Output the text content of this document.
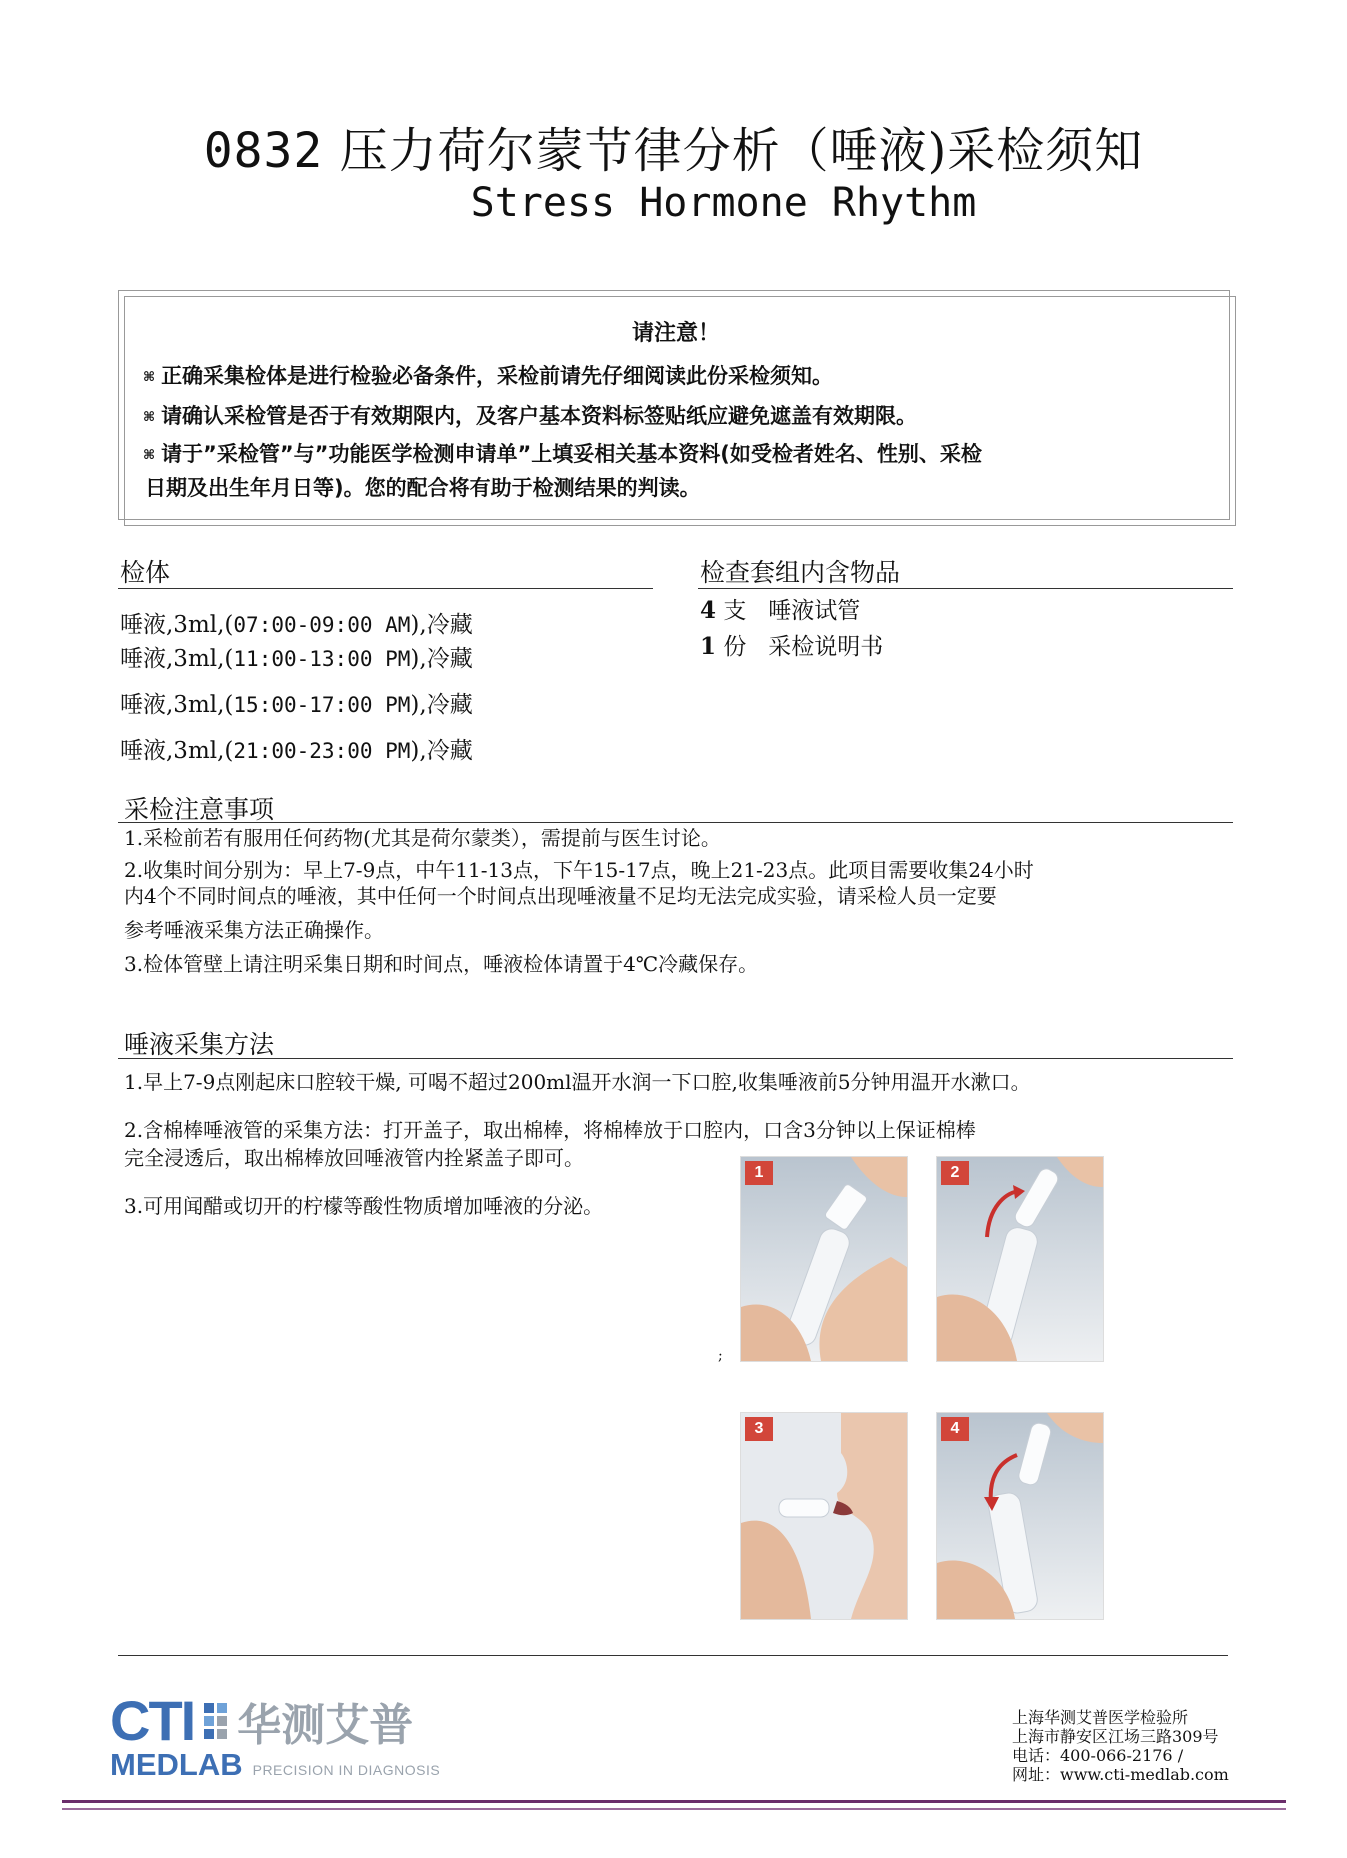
0832 压力荷尔蒙节律分析（唾液)采检须知
Stress Hormone Rhythm
请注意！
⌘ 正确采集检体是进行检验必备条件，采检前请先仔细阅读此份采检须知。
⌘ 请确认采检管是否于有效期限内，及客户基本资料标签贴纸应避免遮盖有效期限。
⌘ 请于”采检管”与”功能医学检测申请单”上填妥相关基本资料(如受检者姓名、性别、采检
日期及出生年月日等)。您的配合将有助于检测结果的判读。
检体
唾液,3ml,(07:00-09:00 AM),冷藏
唾液,3ml,(11:00-13:00 PM),冷藏
唾液,3ml,(15:00-17:00 PM),冷藏
唾液,3ml,(21:00-23:00 PM),冷藏
检查套组内含物品
4 支 唾液试管
1 份 采检说明书
采检注意事项
1.采检前若有服用任何药物(尤其是荷尔蒙类），需提前与医生讨论。
2.收集时间分别为：早上7-9点，中午11-13点，下午15-17点，晚上21-23点。此项目需要收集24小时
内4个不同时间点的唾液，其中任何一个时间点出现唾液量不足均无法完成实验，请采检人员一定要
参考唾液采集方法正确操作。
3.检体管壁上请注明采集日期和时间点，唾液检体请置于4℃冷藏保存。
唾液采集方法
1.早上7-9点刚起床口腔较干燥, 可喝不超过200ml温开水润一下口腔,收集唾液前5分钟用温开水漱口。
2.含棉棒唾液管的采集方法：打开盖子，取出棉棒，将棉棒放于口腔内，口含3分钟以上保证棉棒
完全浸透后，取出棉棒放回唾液管内拴紧盖子即可。
3.可用闻醋或切开的柠檬等酸性物质增加唾液的分泌。
1	2
3	4
;
CTI 华测艾普
MEDLAB PRECISION IN DIAGNOSIS
上海华测艾普医学检验所
上海市静安区江场三路309号
电话：400-066-2176 /
网址：www.cti-medlab.com
